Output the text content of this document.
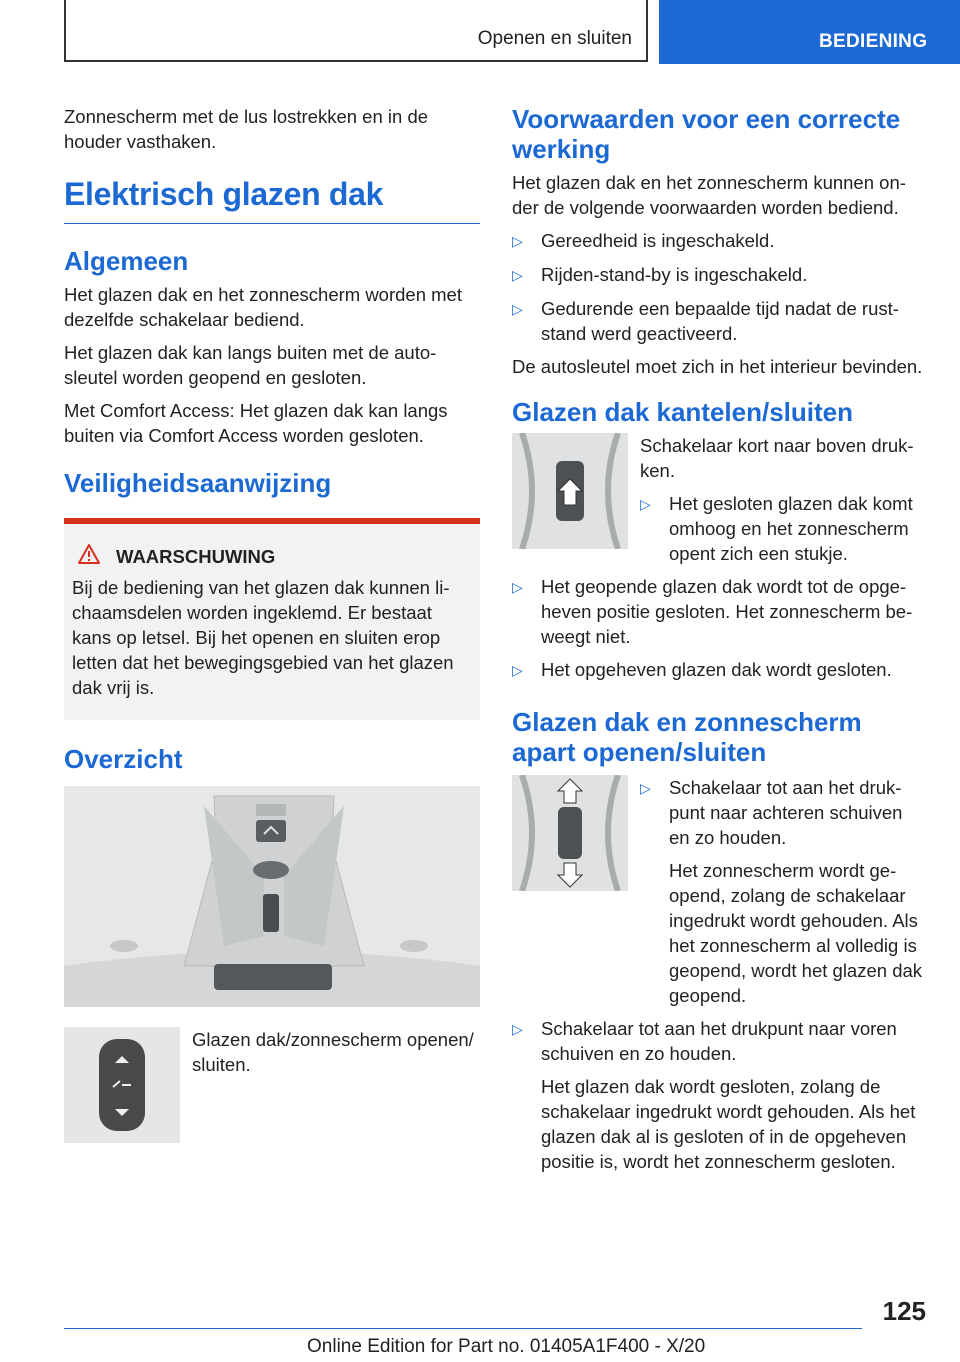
Openen en sluiten	BEDIENING

Zonnescherm met de lus lostrekken en in de houder vasthaken.

Elektrisch glazen dak
Algemeen

Het glazen dak en het zonnescherm worden met dezelfde schakelaar bediend.

Het glazen dak kan langs buiten met de autosleutel worden geopend en gesloten.

Met Comfort Access: Het glazen dak kan langs buiten via Comfort Access worden gesloten.

Veiligheidsaanwijzing
WAARSCHUWING

Bij de bediening van het glazen dak kunnen lichaamsdelen worden ingeklemd. Er bestaat kans op letsel. Bij het openen en sluiten erop letten dat het bewegingsgebied van het glazen dak vrij is.

Overzicht

Glazen dak/zonnescherm openen/ sluiten.

Voorwaarden voor een correcte werking

Het glazen dak en het zonnescherm kunnen onder de volgende voorwaarden worden bediend.

▷ Gereedheid is ingeschakeld.
▷ Rijden-stand-by is ingeschakeld.
▷ Gedurende een bepaalde tijd nadat de ruststand werd geactiveerd.

De autosleutel moet zich in het interieur bevinden.

Glazen dak kantelen/sluiten

Schakelaar kort naar boven drukken.

▷ Het gesloten glazen dak komt omhoog en het zonnescherm opent zich een stukje.
▷ Het geopende glazen dak wordt tot de opgeheven positie gesloten. Het zonnescherm beweegt niet.
▷ Het opgeheven glazen dak wordt gesloten.
Glazen dak en zonnescherm apart openen/sluiten
▷ Schakelaar tot aan het drukpunt naar achteren schuiven en zo houden.
Het zonnescherm wordt geopend, zolang de schakelaar ingedrukt wordt gehouden. Als het zonnescherm al volledig is geopend, wordt het glazen dak geopend.
▷ Schakelaar tot aan het drukpunt naar voren schuiven en zo houden.
Het glazen dak wordt gesloten, zolang de schakelaar ingedrukt wordt gehouden. Als het glazen dak al is gesloten of in de opgeheven positie is, wordt het zonnescherm gesloten.
125
Online Edition for Part no. 01405A1F400 - X/20
